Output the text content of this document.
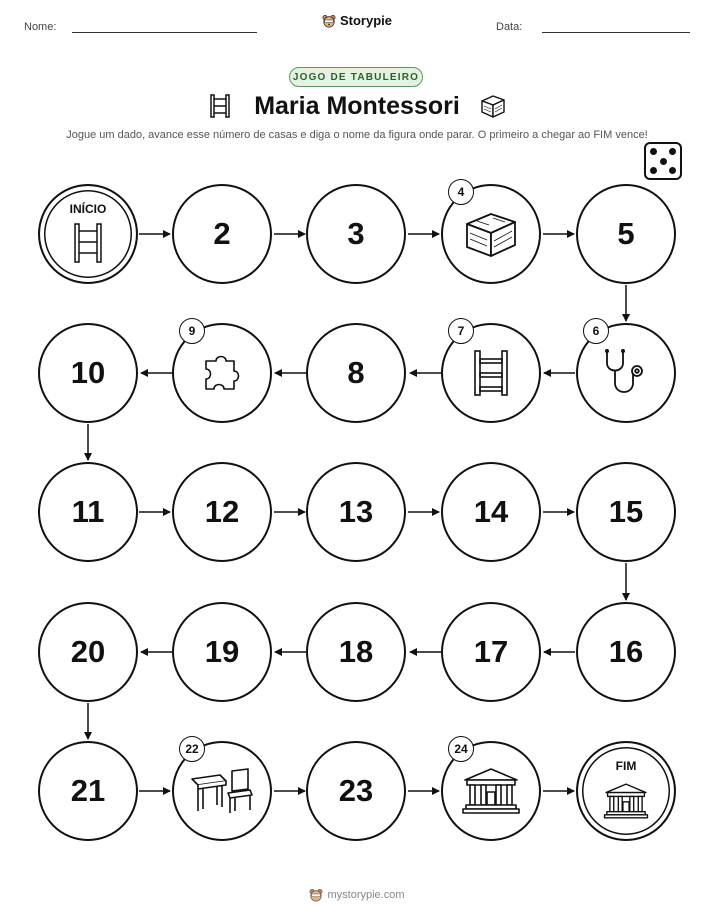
Nome:	Data:
Storypie
JOGO DE TABULEIRO
Maria Montessori
Jogue um dado, avance esse número de casas e diga o nome da figura onde parar. O primeiro a chegar ao FIM vence!
INÍCIO
2	3
4
5
10
9
8
7	6
11	12	13	14	15
20	19	18	17	16
21
22
23
24
FIM
mystorypie.com
